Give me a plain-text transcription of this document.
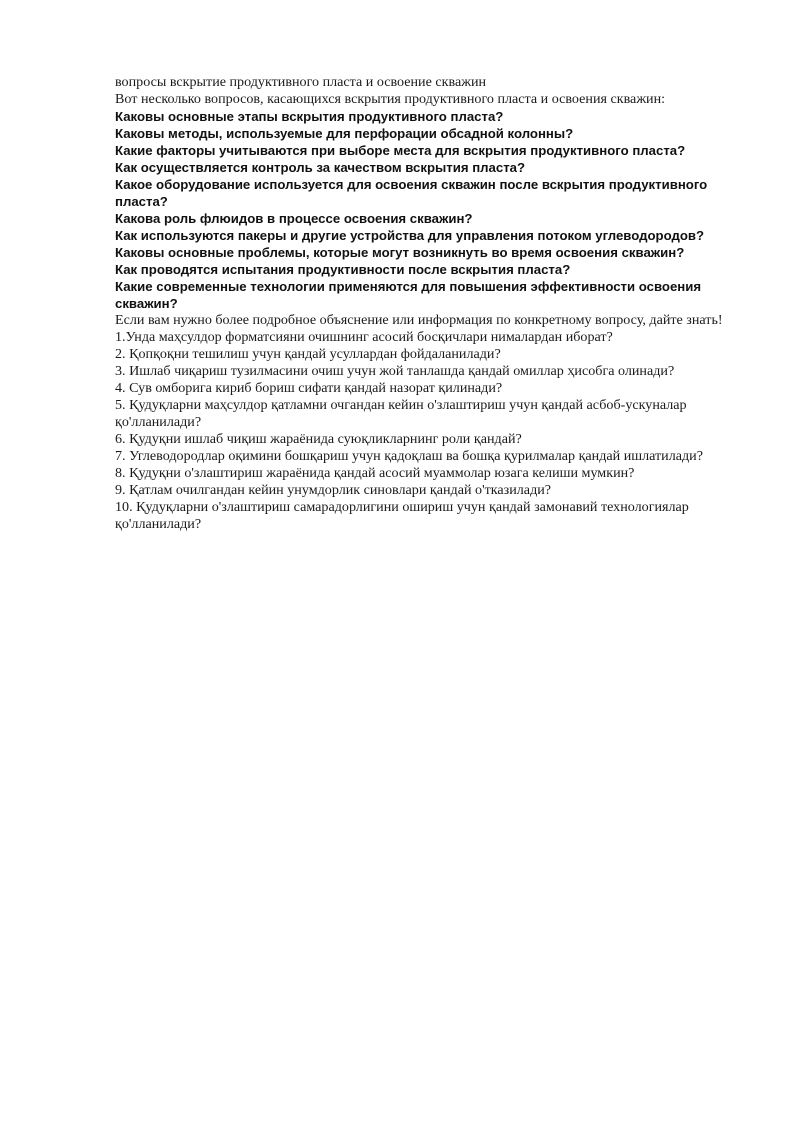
вопросы вскрытие продуктивного пласта и освоение скважин

Вот несколько вопросов, касающихся вскрытия продуктивного пласта и освоения скважин:

Каковы основные этапы вскрытия продуктивного пласта?

Каковы методы, используемые для перфорации обсадной колонны?

Какие факторы учитываются при выборе места для вскрытия продуктивного пласта?

Как осуществляется контроль за качеством вскрытия пласта?

Какое оборудование используется для освоения скважин после вскрытия продуктивного пласта?

Какова роль флюидов в процессе освоения скважин?

Как используются пакеры и другие устройства для управления потоком углеводородов?

Каковы основные проблемы, которые могут возникнуть во время освоения скважин?

Как проводятся испытания продуктивности после вскрытия пласта?

Какие современные технологии применяются для повышения эффективности освоения скважин?

Если вам нужно более подробное объяснение или информация по конкретному вопросу, дайте знать!

1.Унда маҳсулдор форматсияни очишнинг асосий босқичлари нималардан иборат?

2. Қопқоқни тешилиш учун қандай усуллардан фойдаланилади?

3. Ишлаб чиқариш тузилмасини очиш учун жой танлашда қандай омиллар ҳисобга олинади?

4. Сув омборига кириб бориш сифати қандай назорат қилинади?

5. Қудуқларни маҳсулдор қатламни очгандан кейин о'злаштириш учун қандай асбоб-ускуналар қо'лланилади?

6. Қудуқни ишлаб чиқиш жараёнида суюқликларнинг роли қандай?

7. Углеводородлар оқимини бошқариш учун қадоқлаш ва бошқа қурилмалар қандай ишлатилади?

8. Қудуқни о'злаштириш жараёнида қандай асосий муаммолар юзага келиши мумкин?

9. Қатлам очилгандан кейин унумдорлик синовлари қандай о'тказилади?

10. Қудуқларни о'злаштириш самарадорлигини ошириш учун қандай замонавий технологиялар қо'лланилади?
